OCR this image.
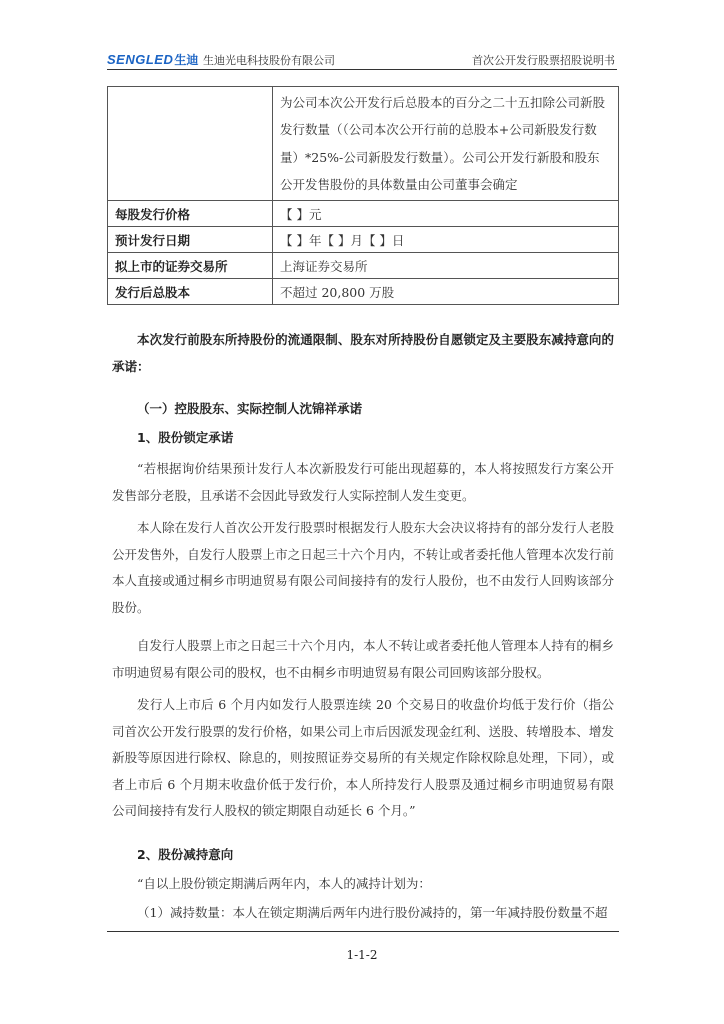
SENGLED 生迪 生迪光电科技股份有限公司	首次公开发行股票招股说明书
	为公司本次公开发行后总股本的百分之二十五扣除公司新股发行数量（（公司本次公开行前的总股本+公司新股发行数量）*25%-公司新股发行数量）。公司公开发行新股和股东公开发售股份的具体数量由公司董事会确定
每股发行价格	【 】元
预计发行日期	【 】年【 】月【 】日
拟上市的证券交易所	上海证券交易所
发行后总股本	不超过 20,800 万股

本次发行前股东所持股份的流通限制、股东对所持股份自愿锁定及主要股东减持意向的承诺：

（一）控股股东、实际控制人沈锦祥承诺

1、股份锁定承诺

“若根据询价结果预计发行人本次新股发行可能出现超募的，本人将按照发行方案公开发售部分老股，且承诺不会因此导致发行人实际控制人发生变更。

本人除在发行人首次公开发行股票时根据发行人股东大会决议将持有的部分发行人老股公开发售外，自发行人股票上市之日起三十六个月内，不转让或者委托他人管理本次发行前本人直接或通过桐乡市明迪贸易有限公司间接持有的发行人股份，也不由发行人回购该部分股份。

自发行人股票上市之日起三十六个月内，本人不转让或者委托他人管理本人持有的桐乡市明迪贸易有限公司的股权，也不由桐乡市明迪贸易有限公司回购该部分股权。

发行人上市后 6 个月内如发行人股票连续 20 个交易日的收盘价均低于发行价（指公司首次公开发行股票的发行价格，如果公司上市后因派发现金红利、送股、转增股本、增发新股等原因进行除权、除息的，则按照证券交易所的有关规定作除权除息处理，下同），或者上市后 6 个月期末收盘价低于发行价，本人所持发行人股票及通过桐乡市明迪贸易有限公司间接持有发行人股权的锁定期限自动延长 6 个月。”

2、股份减持意向

“自以上股份锁定期满后两年内，本人的减持计划为：

（1）减持数量：本人在锁定期满后两年内进行股份减持的，第一年减持股份数量不超

1-1-2
